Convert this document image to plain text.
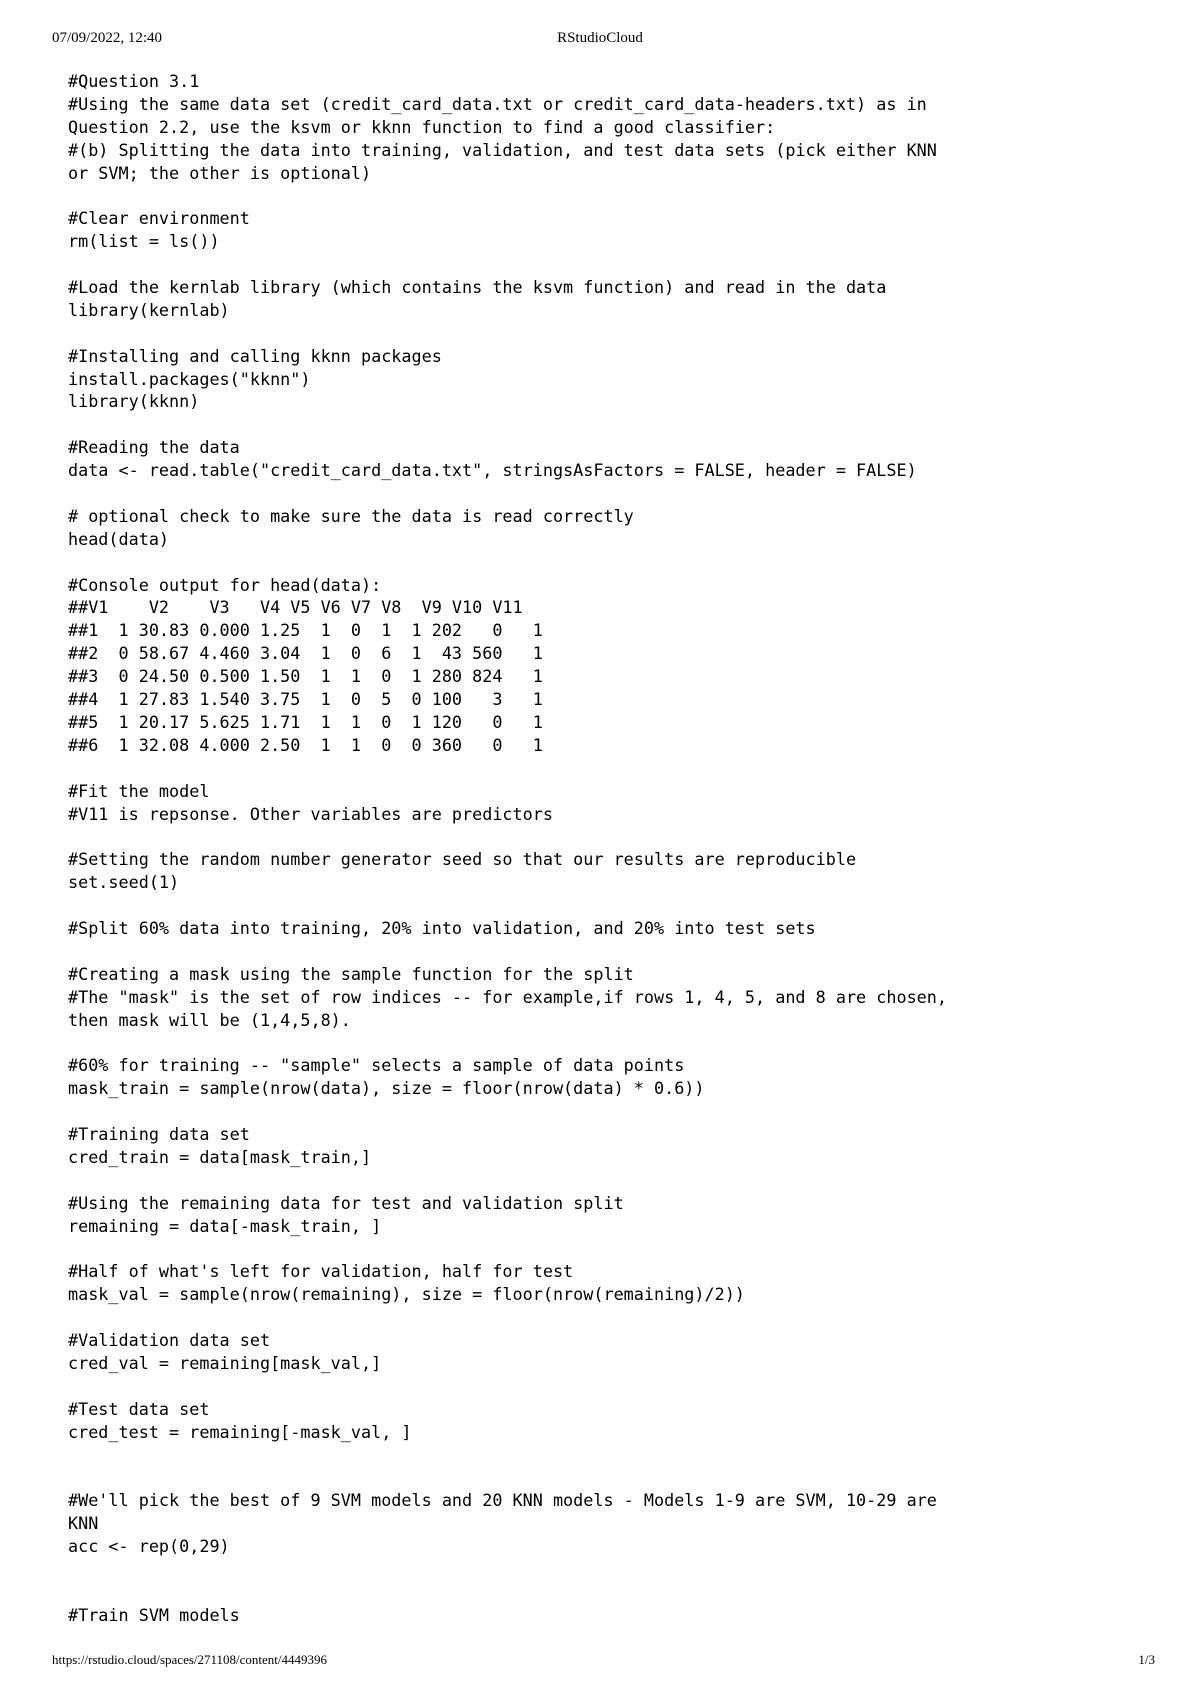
07/09/2022, 12:40	RStudioCloud
#Question 3.1
#Using the same data set (credit_card_data.txt or credit_card_data-headers.txt) as in
Question 2.2, use the ksvm or kknn function to find a good classifier:
#(b) Splitting the data into training, validation, and test data sets (pick either KNN
or SVM; the other is optional)
#Clear environment
rm(list = ls())
#Load the kernlab library (which contains the ksvm function) and read in the data
library(kernlab)
#Installing and calling kknn packages
install.packages("kknn")
library(kknn)
#Reading the data
data <- read.table("credit_card_data.txt", stringsAsFactors = FALSE, header = FALSE)
# optional check to make sure the data is read correctly
head(data)
#Console output for head(data):
##V1    V2    V3   V4 V5 V6 V7 V8  V9 V10 V11
##1  1 30.83 0.000 1.25  1  0  1  1 202   0   1
##2  0 58.67 4.460 3.04  1  0  6  1  43 560   1
##3  0 24.50 0.500 1.50  1  1  0  1 280 824   1
##4  1 27.83 1.540 3.75  1  0  5  0 100   3   1
##5  1 20.17 5.625 1.71  1  1  0  1 120   0   1
##6  1 32.08 4.000 2.50  1  1  0  0 360   0   1
#Fit the model
#V11 is repsonse. Other variables are predictors
#Setting the random number generator seed so that our results are reproducible
set.seed(1)
#Split 60% data into training, 20% into validation, and 20% into test sets
#Creating a mask using the sample function for the split
#The "mask" is the set of row indices -- for example,if rows 1, 4, 5, and 8 are chosen,
then mask will be (1,4,5,8).
#60% for training -- "sample" selects a sample of data points
mask_train = sample(nrow(data), size = floor(nrow(data) * 0.6))
#Training data set
cred_train = data[mask_train,]
#Using the remaining data for test and validation split
remaining = data[-mask_train, ]
#Half of what's left for validation, half for test
mask_val = sample(nrow(remaining), size = floor(nrow(remaining)/2))
#Validation data set
cred_val = remaining[mask_val,]
#Test data set
cred_test = remaining[-mask_val, ]
#We'll pick the best of 9 SVM models and 20 KNN models - Models 1-9 are SVM, 10-29 are
KNN
acc <- rep(0,29)
#Train SVM models
https://rstudio.cloud/spaces/271108/content/4449396	1/3
